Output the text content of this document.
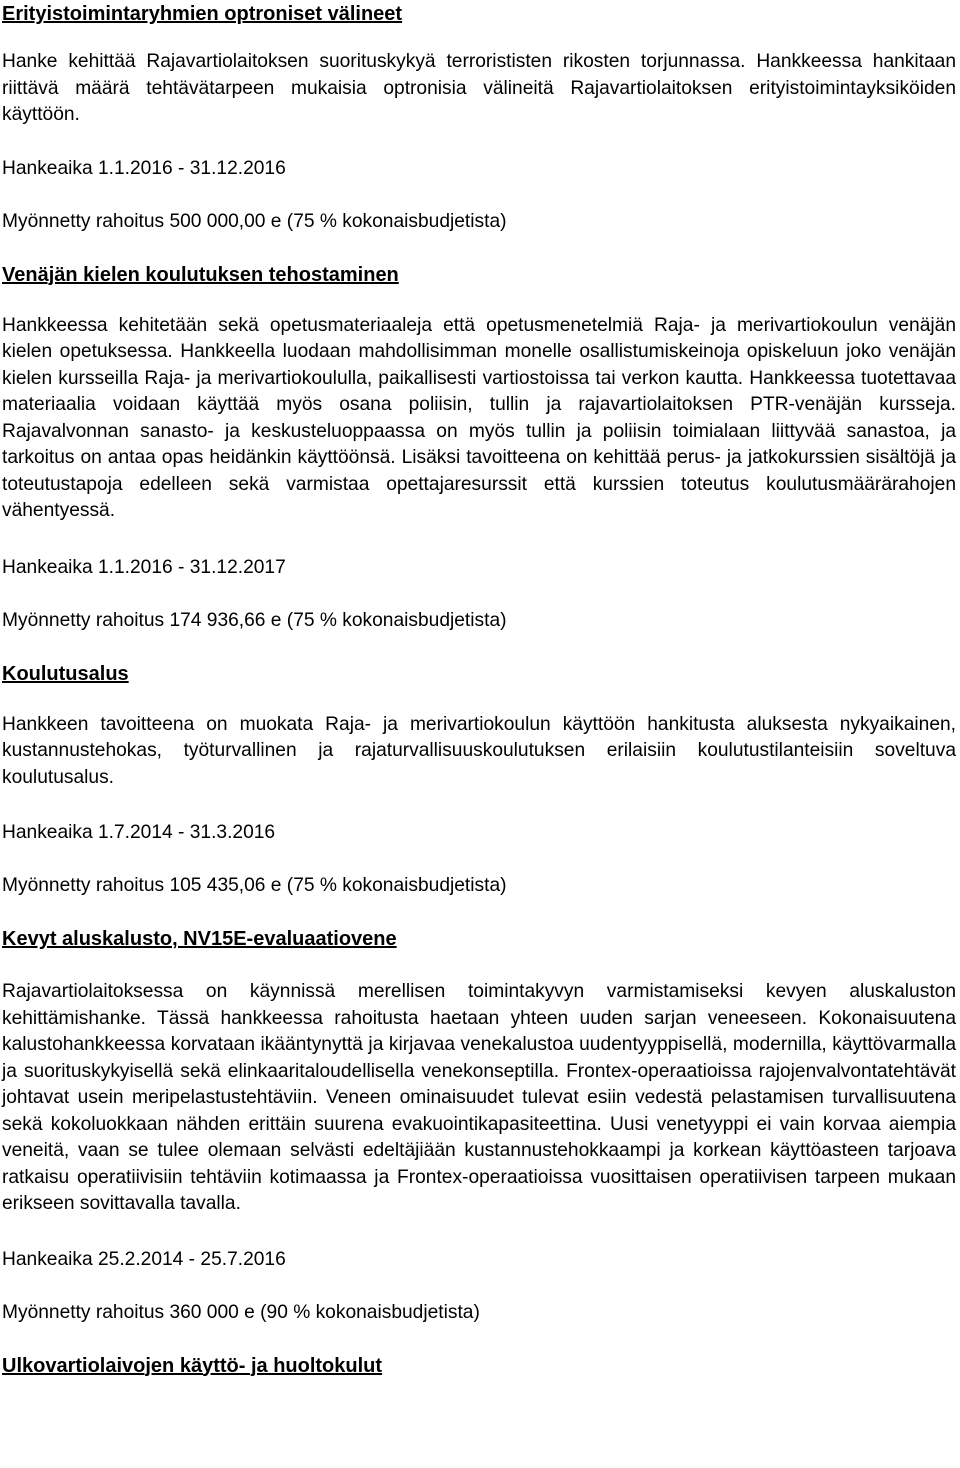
Erityistoimintaryhmien optroniset välineet

Hanke kehittää Rajavartiolaitoksen suorituskykyä terrorististen rikosten torjunnassa. Hankkeessa hankitaan riittävä määrä tehtävätarpeen mukaisia optronisia välineitä Rajavartiolaitoksen erityistoimintayksiköiden käyttöön.

Hankeaika 1.1.2016 - 31.12.2016

Myönnetty rahoitus 500 000,00 e (75 % kokonaisbudjetista)

Venäjän kielen koulutuksen tehostaminen

Hankkeessa kehitetään sekä opetusmateriaaleja että opetusmenetelmiä Raja- ja merivartiokoulun venäjän kielen opetuksessa. Hankkeella luodaan mahdollisimman monelle osallistumiskeinoja opiskeluun joko venäjän kielen kursseilla Raja- ja merivartiokoululla, paikallisesti vartiostoissa tai verkon kautta. Hankkeessa tuotettavaa materiaalia voidaan käyttää myös osana poliisin, tullin ja rajavartiolaitoksen PTR-venäjän kursseja. Rajavalvonnan sanasto- ja keskusteluoppaassa on myös tullin ja poliisin toimialaan liittyvää sanastoa, ja tarkoitus on antaa opas heidänkin käyttöönsä. Lisäksi tavoitteena on kehittää perus- ja jatkokurssien sisältöjä ja toteutustapoja edelleen sekä varmistaa opettajaresurssit että kurssien toteutus koulutusmäärärahojen vähentyessä.

Hankeaika 1.1.2016 - 31.12.2017

Myönnetty rahoitus 174 936,66 e (75 % kokonaisbudjetista)

Koulutusalus

Hankkeen tavoitteena on muokata Raja- ja merivartiokoulun käyttöön hankitusta aluksesta nykyaikainen, kustannustehokas, työturvallinen ja rajaturvallisuuskoulutuksen erilaisiin koulutustilanteisiin soveltuva koulutusalus.

Hankeaika 1.7.2014 - 31.3.2016

Myönnetty rahoitus 105 435,06 e (75 % kokonaisbudjetista)

Kevyt aluskalusto, NV15E-evaluaatiovene

Rajavartiolaitoksessa on käynnissä merellisen toimintakyvyn varmistamiseksi kevyen aluskaluston kehittämishanke. Tässä hankkeessa rahoitusta haetaan yhteen uuden sarjan veneeseen. Kokonaisuutena kalustohankkeessa korvataan ikääntynyttä ja kirjavaa venekalustoa uudentyyppisellä, modernilla, käyttövarmalla ja suorituskykyisellä sekä elinkaaritaloudellisella venekonseptilla. Frontex-operaatioissa rajojenvalvontatehtävät johtavat usein meripelastustehtäviin. Veneen ominaisuudet tulevat esiin vedestä pelastamisen turvallisuutena sekä kokoluokkaan nähden erittäin suurena evakuointikapasiteettina. Uusi venetyyppi ei vain korvaa aiempia veneitä, vaan se tulee olemaan selvästi edeltäjiään kustannustehokkaampi ja korkean käyttöasteen tarjoava ratkaisu operatiivisiin tehtäviin kotimaassa ja Frontex-operaatioissa vuosittaisen operatiivisen tarpeen mukaan erikseen sovittavalla tavalla.

Hankeaika 25.2.2014 - 25.7.2016

Myönnetty rahoitus 360 000 e (90 % kokonaisbudjetista)

Ulkovartiolaivojen käyttö- ja huoltokulut
